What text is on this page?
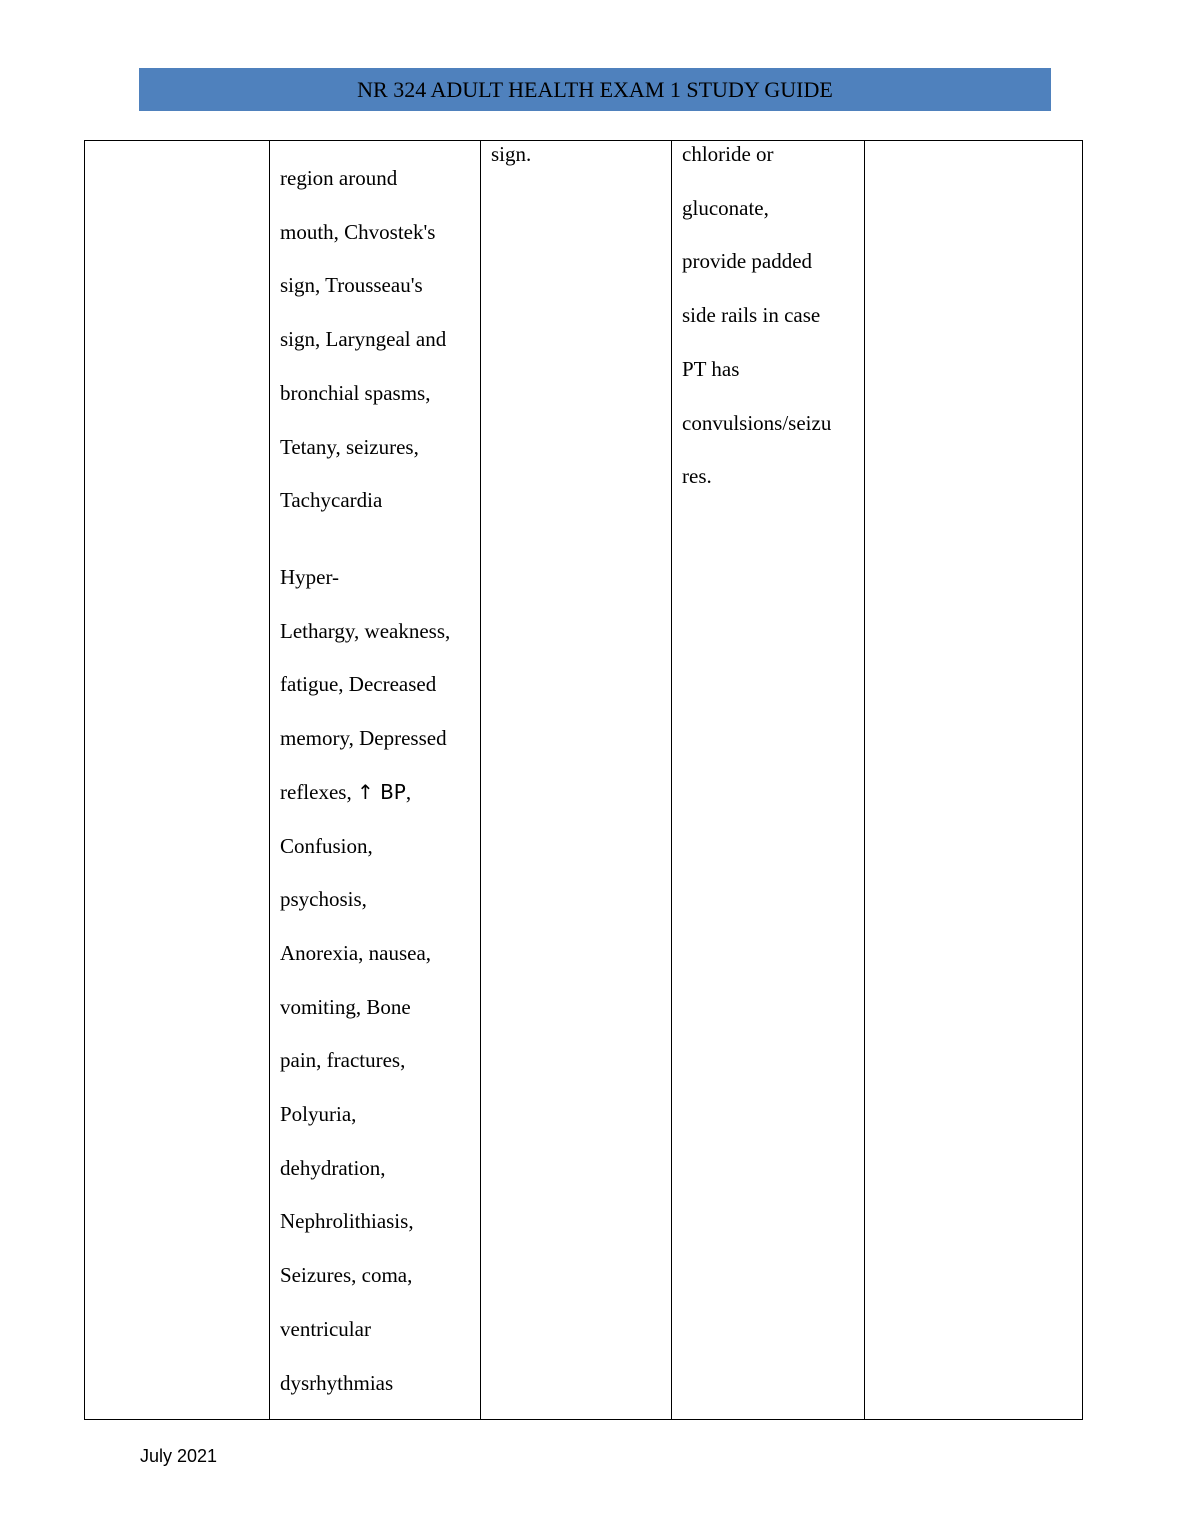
NR 324 ADULT HEALTH EXAM 1 STUDY GUIDE
region around
mouth, Chvostek's
sign, Trousseau's
sign, Laryngeal and
bronchial spasms,
Tetany, seizures,
Tachycardia
Hyper-
Lethargy, weakness,
fatigue, Decreased
memory, Depressed
reflexes, ↑ BP,
Confusion,
psychosis,
Anorexia, nausea,
vomiting, Bone
pain, fractures,
Polyuria,
dehydration,
Nephrolithiasis,
Seizures, coma,
ventricular
dysrhythmias
sign.	chloride or
gluconate,
provide padded
side rails in case
PT has
convulsions/seizu
res.
July 2021
